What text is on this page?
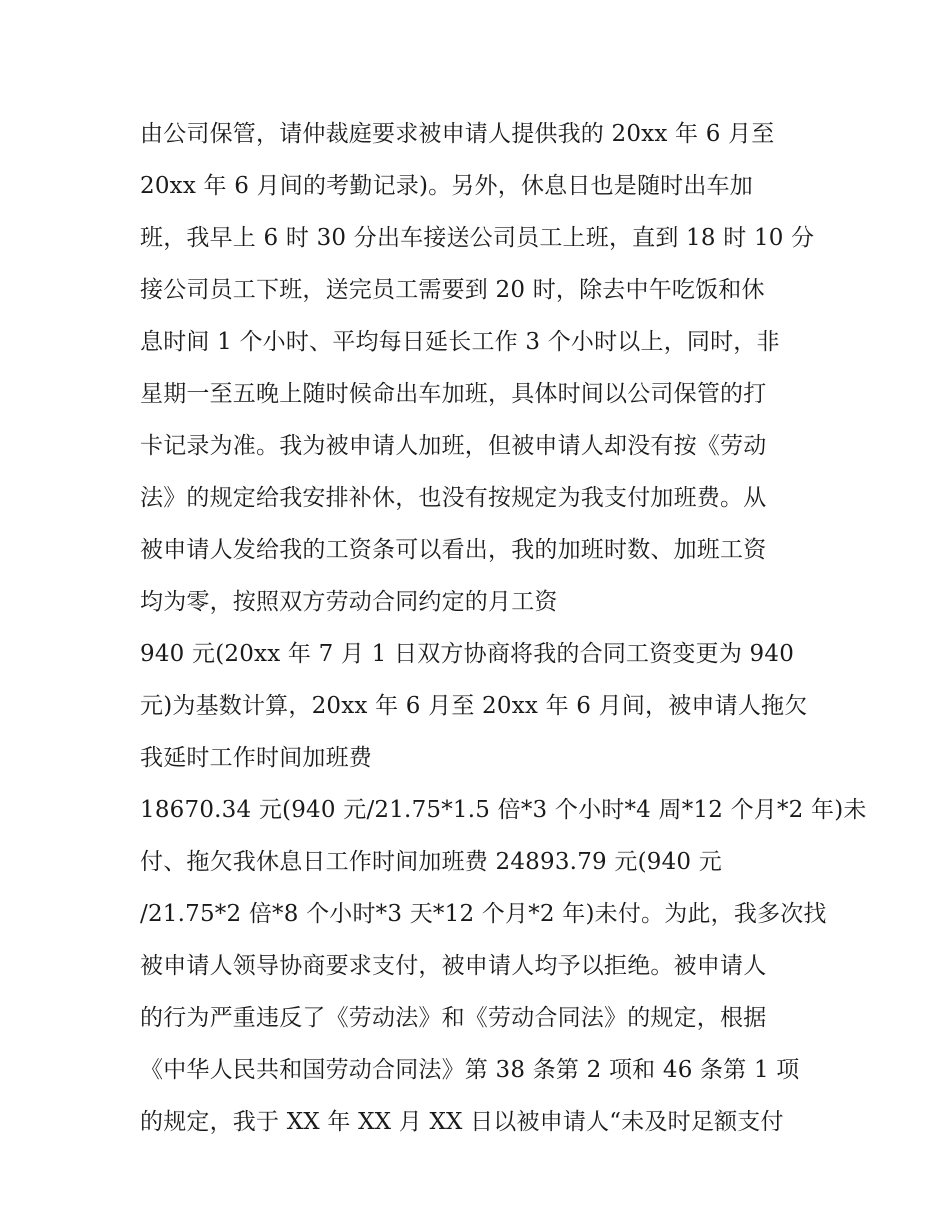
由公司保管，请仲裁庭要求被申请人提供我的 20xx 年 6 月至
20xx 年 6 月间的考勤记录)。另外，休息日也是随时出车加
班，我早上 6 时 30 分出车接送公司员工上班，直到 18 时 10 分
接公司员工下班，送完员工需要到 20 时，除去中午吃饭和休
息时间 1 个小时、平均每日延长工作 3 个小时以上，同时，非
星期一至五晚上随时候命出车加班，具体时间以公司保管的打
卡记录为准。我为被申请人加班，但被申请人却没有按《劳动
法》的规定给我安排补休，也没有按规定为我支付加班费。从
被申请人发给我的工资条可以看出，我的加班时数、加班工资
均为零，按照双方劳动合同约定的月工资
940 元(20xx 年 7 月 1 日双方协商将我的合同工资变更为 940
元)为基数计算，20xx 年 6 月至 20xx 年 6 月间，被申请人拖欠
我延时工作时间加班费
18670.34 元(940 元/21.75*1.5 倍*3 个小时*4 周*12 个月*2 年)未
付、拖欠我休息日工作时间加班费 24893.79 元(940 元
/21.75*2 倍*8 个小时*3 天*12 个月*2 年)未付。为此，我多次找
被申请人领导协商要求支付，被申请人均予以拒绝。被申请人
的行为严重违反了《劳动法》和《劳动合同法》的规定，根据
《中华人民共和国劳动合同法》第 38 条第 2 项和 46 条第 1 项
的规定，我于 XX 年 XX 月 XX 日以被申请人“未及时足额支付
